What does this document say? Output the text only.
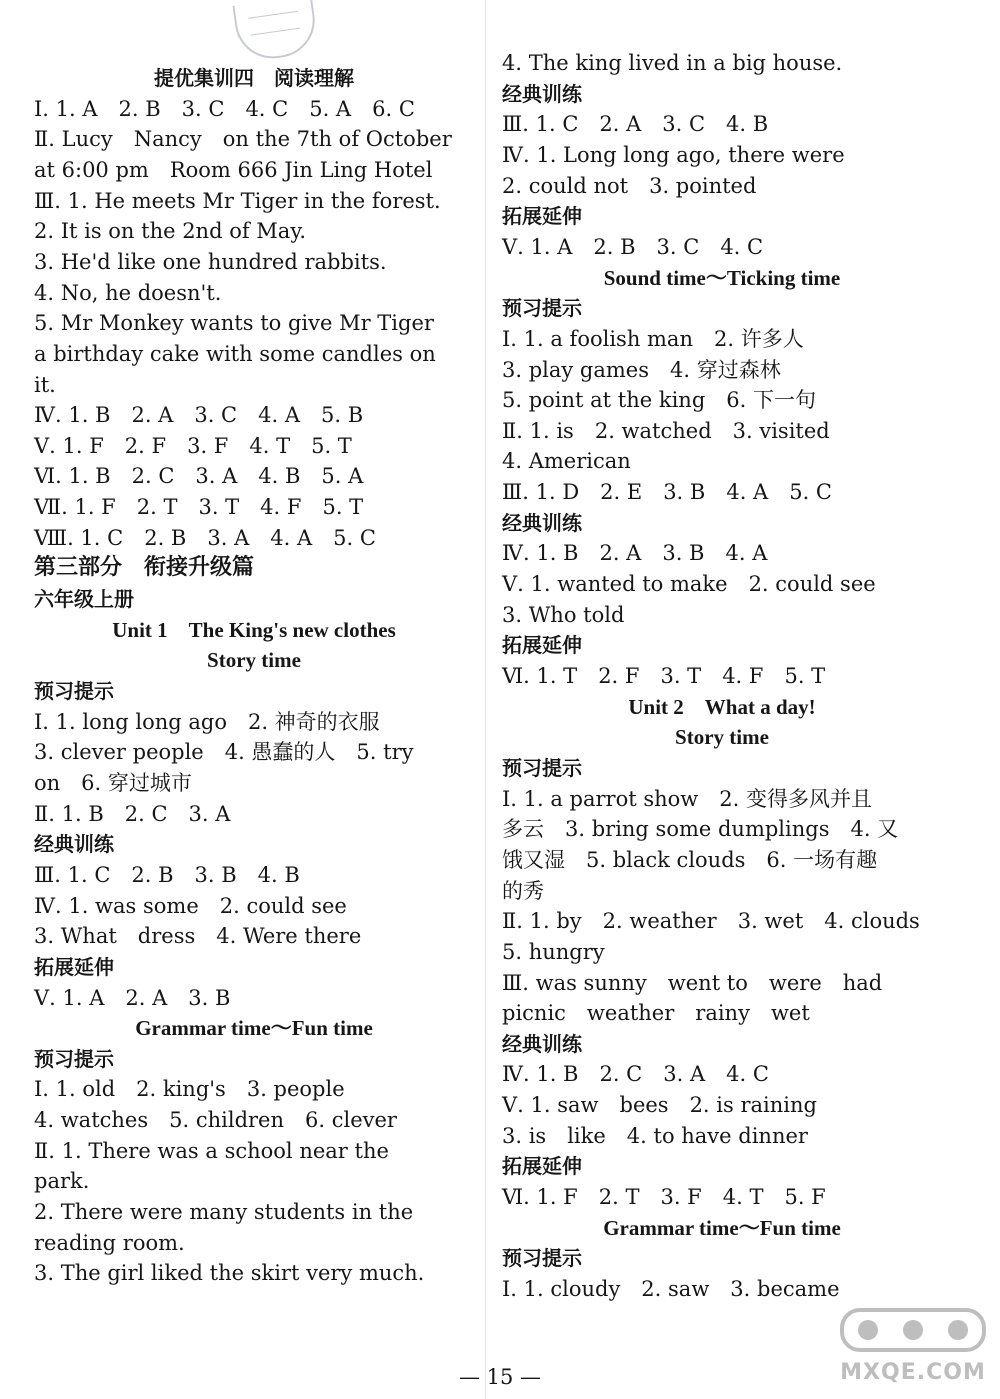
提优集训四　阅读理解
Ⅰ. 1. A　2. B　3. C　4. C　5. A　6. C
Ⅱ. Lucy　Nancy　on the 7th of October
at 6:00 pm　Room 666 Jin Ling Hotel
Ⅲ. 1. He meets Mr Tiger in the forest.
2. It is on the 2nd of May.
3. He'd like one hundred rabbits.
4. No, he doesn't.
5. Mr Monkey wants to give Mr Tiger
a birthday cake with some candles on
it.
Ⅳ. 1. B　2. A　3. C　4. A　5. B
Ⅴ. 1. F　2. F　3. F　4. T　5. T
Ⅵ. 1. B　2. C　3. A　4. B　5. A
Ⅶ. 1. F　2. T　3. T　4. F　5. T
Ⅷ. 1. C　2. B　3. A　4. A　5. C
第三部分　衔接升级篇
六年级上册
Unit 1　The King's new clothes
Story time
预习提示
Ⅰ. 1. long long ago　2. 神奇的衣服
3. clever people　4. 愚蠢的人　5. try
on　6. 穿过城市
Ⅱ. 1. B　2. C　3. A
经典训练
Ⅲ. 1. C　2. B　3. B　4. B
Ⅳ. 1. was some　2. could see
3. What　dress　4. Were there
拓展延伸
Ⅴ. 1. A　2. A　3. B
Grammar time～Fun time
预习提示
Ⅰ. 1. old　2. king's　3. people
4. watches　5. children　6. clever
Ⅱ. 1. There was a school near the
park.
2. There were many students in the
reading room.
3. The girl liked the skirt very much.
4. The king lived in a big house.
经典训练
Ⅲ. 1. C　2. A　3. C　4. B
Ⅳ. 1. Long long ago, there were
2. could not　3. pointed
拓展延伸
Ⅴ. 1. A　2. B　3. C　4. C
Sound time～Ticking time
预习提示
Ⅰ. 1. a foolish man　2. 许多人
3. play games　4. 穿过森林
5. point at the king　6. 下一句
Ⅱ. 1. is　2. watched　3. visited
4. American
Ⅲ. 1. D　2. E　3. B　4. A　5. C
经典训练
Ⅳ. 1. B　2. A　3. B　4. A
Ⅴ. 1. wanted to make　2. could see
3. Who told
拓展延伸
Ⅵ. 1. T　2. F　3. T　4. F　5. T
Unit 2　What a day!
Story time
预习提示
Ⅰ. 1. a parrot show　2. 变得多风并且
多云　3. bring some dumplings　4. 又
饿又湿　5. black clouds　6. 一场有趣
的秀
Ⅱ. 1. by　2. weather　3. wet　4. clouds
5. hungry
Ⅲ. was sunny　went to　were　had
picnic　weather　rainy　wet
经典训练
Ⅳ. 1. B　2. C　3. A　4. C
Ⅴ. 1. saw　bees　2. is raining
3. is　like　4. to have dinner
拓展延伸
Ⅵ. 1. F　2. T　3. F　4. T　5. F
Grammar time～Fun time
预习提示
Ⅰ. 1. cloudy　2. saw　3. became
— 15 —	MXQE.COM
